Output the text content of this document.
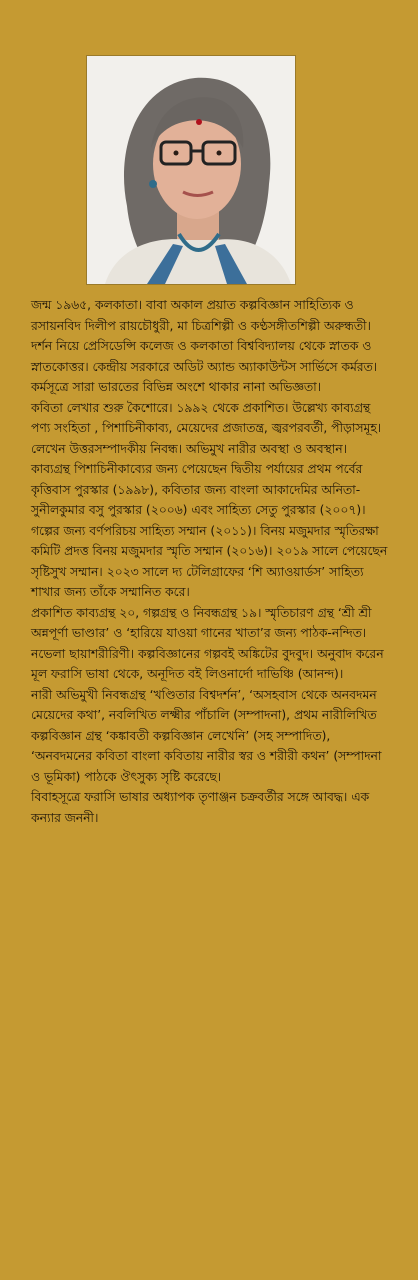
জন্ম ১৯৬৫, কলকাতা। বাবা অকাল প্রয়াত কল্পবিজ্ঞান সাহিত্যিক ও রসায়নবিদ দিলীপ রায়চৌধুরী, মা চিত্রশিল্পী ও কণ্ঠসঙ্গীতশিল্পী অরুন্ধতী।

দর্শন নিয়ে প্রেসিডেন্সি কলেজ ও কলকাতা বিশ্ববিদ্যালয় থেকে স্নাতক ও স্নাতকোত্তর। কেন্দ্রীয় সরকারে অডিট অ্যান্ড অ্যাকাউন্টস সার্ভিসে কর্মরত। কর্মসূত্রে সারা ভারতের বিভিন্ন অংশে থাকার নানা অভিজ্ঞতা।

কবিতা লেখার শুরু কৈশোরে। ১৯৯২ থেকে প্রকাশিত। উল্লেখ্য কাব্যগ্রন্থ পণ্য সংহিতা , পিশাচিনীকাব্য, মেয়েদের প্রজাতন্ত্র, জ্বরপরবর্তী, পীড়াসমূহ। লেখেন উত্তরসম্পাদকীয় নিবন্ধ। অভিমুখ নারীর অবস্থা ও অবস্থান।

কাব্যগ্রন্থ পিশাচিনীকাব্যের জন্য পেয়েছেন দ্বিতীয় পর্যায়ের প্রথম পর্বের কৃত্তিবাস পুরস্কার (১৯৯৮), কবিতার জন্য বাংলা আকাদেমির অনিতা-সুনীলকুমার বসু পুরস্কার (২০০৬) এবং সাহিত্য সেতু পুরস্কার (২০০৭)। গল্পের জন্য বর্ণপরিচয় সাহিত্য সম্মান (২০১১)। বিনয় মজুমদার স্মৃতিরক্ষা কমিটি প্রদত্ত বিনয় মজুমদার স্মৃতি সম্মান (২০১৬)। ২০১৯ সালে পেয়েছেন সৃষ্টিসুখ সম্মান। ২০২৩ সালে দ্য টেলিগ্রাফের ‘শি অ্যাওয়ার্ডস’ সাহিত্য শাখার জন্য তাঁকে সম্মানিত করে।

প্রকাশিত কাব্যগ্রন্থ ২০, গল্পগ্রন্থ ও নিবন্ধগ্রন্থ ১৯। স্মৃতিচারণ গ্রন্থ ‘শ্রী শ্রী অন্নপূর্ণা ভাণ্ডার’ ও ‘হারিয়ে যাওয়া গানের খাতা’র জন্য পাঠক-নন্দিত। নভেলা ছায়াশরীরিণী। কল্পবিজ্ঞানের গল্পবই অঙ্কিটের বুদবুদ। অনুবাদ করেন মূল ফরাসি ভাষা থেকে, অনূদিত বই লিওনার্দো দাভিঞ্চি (আনন্দ)।

নারী অভিমুখী নিবন্ধগ্রন্থ ‘খণ্ডিতার বিশ্বদর্শন’, ‘অসহবাস থেকে অনবদমন মেয়েদের কথা’, নবলিখিত লক্ষ্মীর পাঁচালি (সম্পাদনা), প্রথম নারীলিখিত কল্পবিজ্ঞান গ্রন্থ ‘কঙ্কাবতী কল্পবিজ্ঞান লেখেনি’ (সহ সম্পাদিত), ‘অনবদমনের কবিতা বাংলা কবিতায় নারীর স্বর ও শরীরী কথন’ (সম্পাদনা ও ভূমিকা) পাঠকে ঔৎসুক্য সৃষ্টি করেছে।

বিবাহসূত্রে ফরাসি ভাষার অধ্যাপক তৃণাঞ্জন চক্রবর্তীর সঙ্গে আবদ্ধ। এক কন্যার জননী।
